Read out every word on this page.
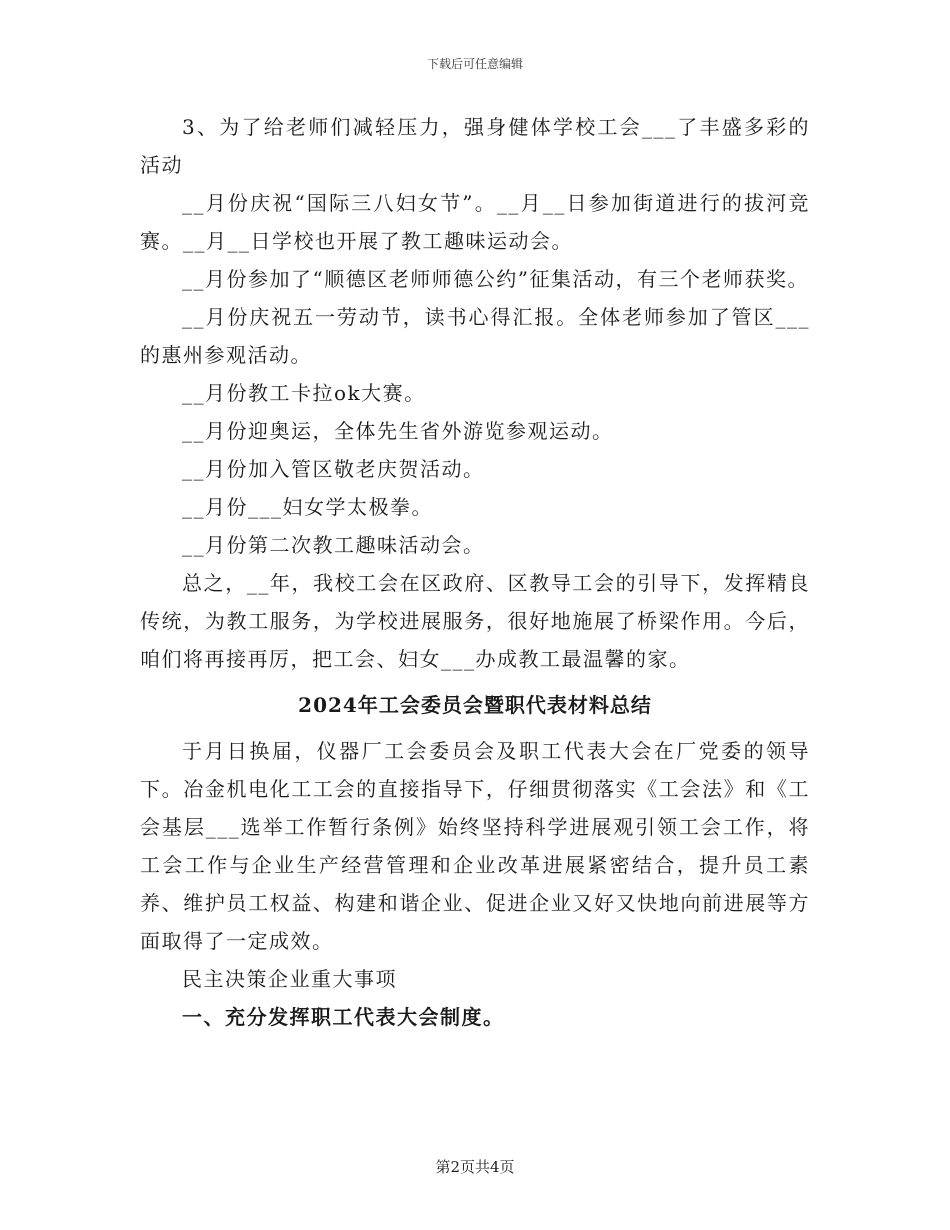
下载后可任意编辑

3、为了给老师们减轻压力，强身健体学校工会___了丰盛多彩的活动

__月份庆祝“国际三八妇女节”。__月__日参加街道进行的拔河竞赛。__月__日学校也开展了教工趣味运动会。

__月份参加了“顺德区老师师德公约”征集活动，有三个老师获奖。

__月份庆祝五一劳动节，读书心得汇报。全体老师参加了管区___的惠州参观活动。

__月份教工卡拉ok大赛。

__月份迎奥运，全体先生省外游览参观运动。

__月份加入管区敬老庆贺活动。

__月份___妇女学太极拳。

__月份第二次教工趣味活动会。

总之，__年，我校工会在区政府、区教导工会的引导下，发挥精良传统，为教工服务，为学校进展服务，很好地施展了桥梁作用。今后，咱们将再接再厉，把工会、妇女___办成教工最温馨的家。

2024年工会委员会暨职代表材料总结

于月日换届，仪器厂工会委员会及职工代表大会在厂党委的领导下。冶金机电化工工会的直接指导下，仔细贯彻落实《工会法》和《工会基层___选举工作暂行条例》始终坚持科学进展观引领工会工作，将工会工作与企业生产经营管理和企业改革进展紧密结合，提升员工素养、维护员工权益、构建和谐企业、促进企业又好又快地向前进展等方面取得了一定成效。

民主决策企业重大事项

一、充分发挥职工代表大会制度。

第2页共4页
